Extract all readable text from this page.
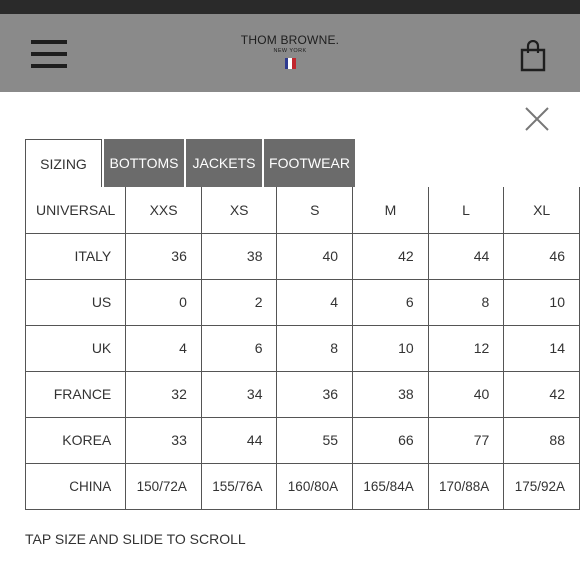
THOM BROWNE.
NEW YORK
SIZING BOTTOMS JACKETS FOOTWEAR
UNIVERSAL	XXS	XS	S	M	L	XL
ITALY	36	38	40	42	44	46
US	0	2	4	6	8	10
UK	4	6	8	10	12	14
FRANCE	32	34	36	38	40	42
KOREA	33	44	55	66	77	88
CHINA	150/72A	155/76A	160/80A	165/84A	170/88A	175/92A
TAP SIZE AND SLIDE TO SCROLL
